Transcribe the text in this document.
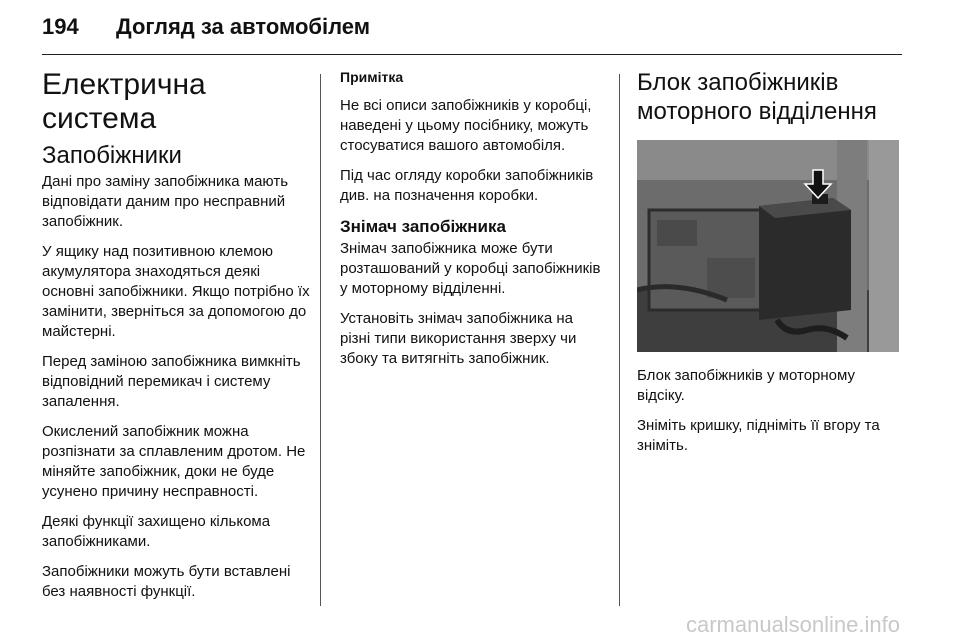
194	Догляд за автомобілем
Електрична система
Запобіжники

Дані про заміну запобіжника мають відповідати даним про несправний запобіжник.

У ящику над позитивною клемою акумулятора знаходяться деякі основні запобіжники. Якщо потрібно їх замінити, зверніться за допомогою до майстерні.

Перед заміною запобіжника вимкніть відповідний перемикач і систему запалення.

Окислений запобіжник можна розпізнати за сплавленим дротом. Не міняйте запобіжник, доки не буде усунено причину несправності.

Деякі функції захищено кількома запобіжниками.

Запобіжники можуть бути вставлені без наявності функції.

Примітка

Не всі описи запобіжників у коробці, наведені у цьому посібнику, можуть стосуватися вашого автомобіля.

Під час огляду коробки запобіжників див. на позначення коробки.

Знімач запобіжника

Знімач запобіжника може бути розташований у коробці запобіжників у моторному відділенні.

Установіть знімач запобіжника на різні типи використання зверху чи збоку та витягніть запобіжник.

Блок запобіжників моторного відділення

Блок запобіжників у моторному відсіку.

Зніміть кришку, підніміть її вгору та зніміть.

carmanualsonline.info
